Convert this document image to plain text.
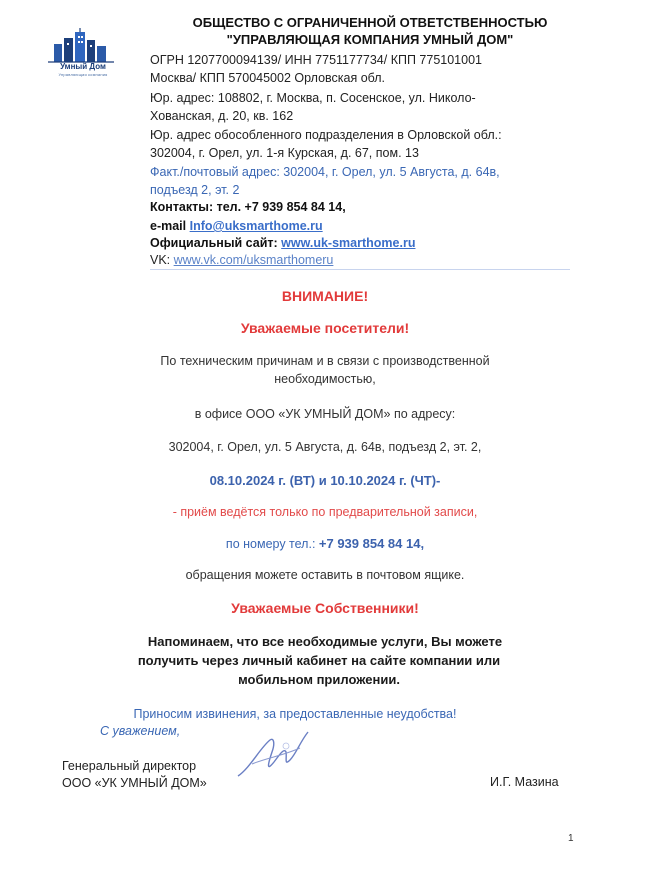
Умный Дом
Управляющая компания
ОБЩЕСТВО С ОГРАНИЧЕННОЙ ОТВЕТСТВЕННОСТЬЮ
"УПРАВЛЯЮЩАЯ КОМПАНИЯ УМНЫЙ ДОМ"
ОГРН 1207700094139/ ИНН 7751177734/ КПП 775101001
Москва/ КПП 570045002 Орловская обл.
Юр. адрес: 108802, г. Москва, п. Сосенское, ул. Николо-
Хованская, д. 20, кв. 162
Юр. адрес обособленного подразделения в Орловской обл.:
302004, г. Орел, ул. 1-я Курская, д. 67, пом. 13
Факт./почтовый адрес: 302004, г. Орел, ул. 5 Августа, д. 64в,
подъезд 2, эт. 2
Контакты: тел. +7 939 854 84 14,
e-mail Info@uksmarthome.ru
Официальный сайт: www.uk-smarthome.ru
VK: www.vk.com/uksmarthomeru
ВНИМАНИЕ!
Уважаемые посетители!
По техническим причинам и в связи с производственной
необходимостью,
в офисе ООО «УК УМНЫЙ ДОМ» по адресу:
302004, г. Орел, ул. 5 Августа, д. 64в, подъезд 2, эт. 2,
08.10.2024 г. (ВТ) и 10.10.2024 г. (ЧТ)-
- приём ведётся только по предварительной записи,
по номеру тел.: +7 939 854 84 14,
обращения можете оставить в почтовом ящике.
Уважаемые Собственники!
Напоминаем, что все необходимые услуги, Вы можете
получить через личный кабинет на сайте компании или
мобильном приложении.
Приносим извинения, за предоставленные неудобства!
С уважением,
Генеральный директор
ООО «УК УМНЫЙ ДОМ»	И.Г. Мазина
1
